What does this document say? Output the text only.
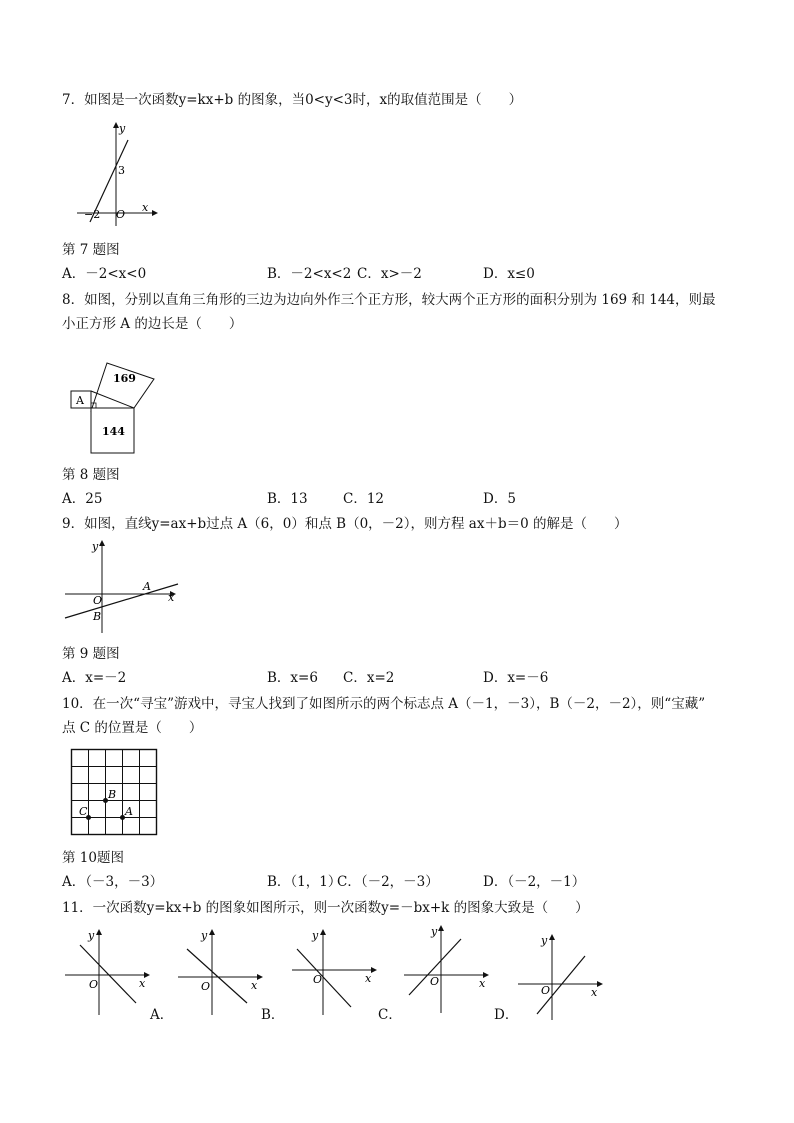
7．如图是一次函数y=kx+b 的图象，当0<y<3时，x的取值范围是（　　）
y
x
O
3
−2
第 7 题图
A．－2<x<0	B．－2<x<2 C．x>－2	D．x≤0
8．如图，分别以直角三角形的三边为边向外作三个正方形，较大两个正方形的面积分别为 169 和 144，则最
小正方形 A 的边长是（　　）
A
169
144
第 8 题图
A．25	B．13	C．12	D．5
9．如图，直线y=ax+b过点 A（6，0）和点 B（0，－2），则方程 ax＋b＝0 的解是（　　）
y
x
O
A
B
第 9 题图
A．x=－2	B．x=6 C．x=2	D．x=－6
10．在一次“寻宝”游戏中，寻宝人找到了如图所示的两个标志点 A（－1，－3），B（－2，－2），则“宝藏”
点 C 的位置是（　　）
B
A
C
第 10题图
A．（－3，－3）	B．（1，1）
C．（－2，－3）	D．（－2，－1）
11．一次函数y=kx+b 的图象如图所示，则一次函数y=－bx+k 的图象大致是（　　）
y
x
O
y
x
O
A．
y
x
O
B．
y
x
O
C．
y
x
O
D．
